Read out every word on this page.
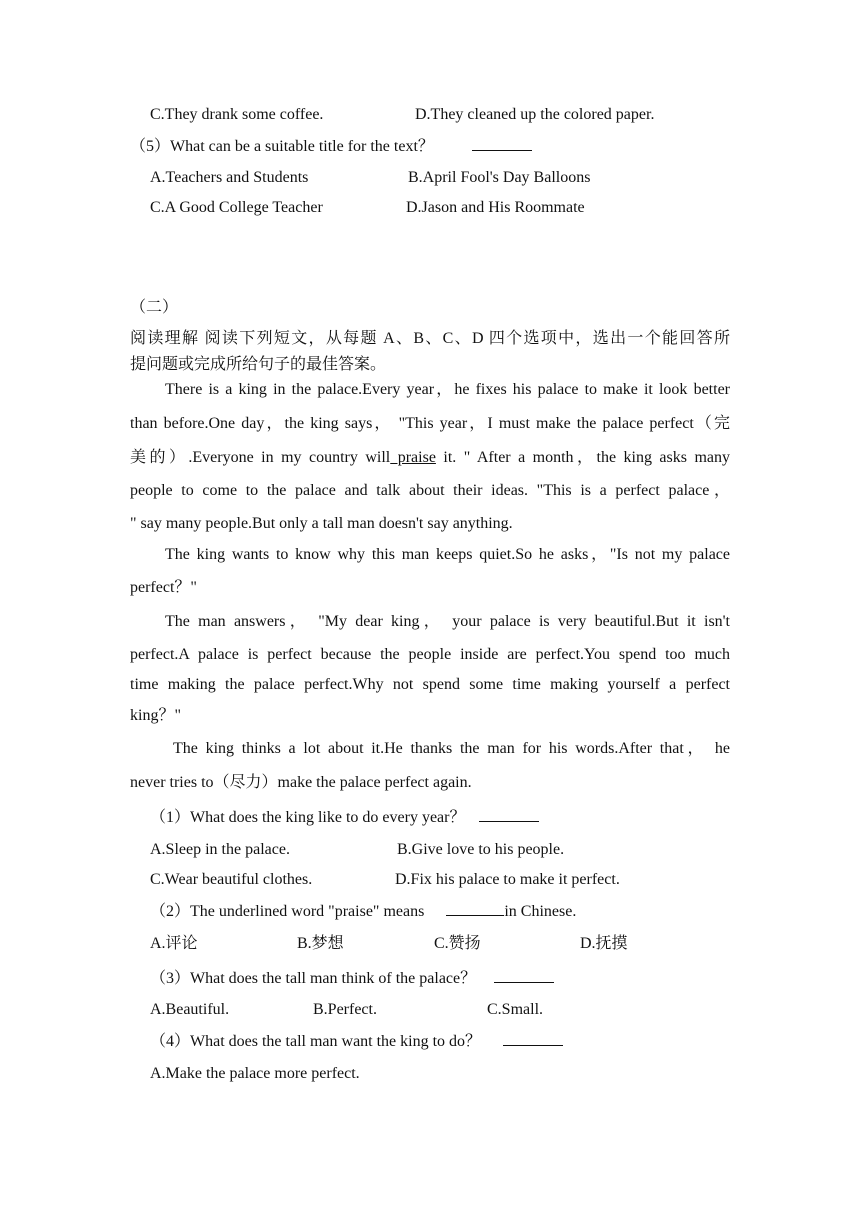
C.They drank some coffee.	D.They cleaned up the colored paper.
（5）What can be a suitable title for the text？
A.Teachers and Students	B.April Fool's Day Balloons
C.A Good College Teacher	D.Jason and His Roommate
（二）
阅读理解 阅读下列短文，从每题 A、B、C、D 四个选项中，选出一个能回答所
提问题或完成所给句子的最佳答案。
There is a king in the palace.Every year，he fixes his palace to make it look better
than before.One day，the king says， "This year，I must make the palace perfect（完
美的）.Everyone in my country will praise it. " After a month，the king asks many
people to come to the palace and talk about their ideas. "This is a perfect palace，
" say many people.But only a tall man doesn't say anything.
The king wants to know why this man keeps quiet.So he asks，"Is not my palace
perfect？"
The man answers， "My dear king， your palace is very beautiful.But it isn't
perfect.A palace is perfect because the people inside are perfect.You spend too much
time making the palace perfect.Why not spend some time making yourself a perfect
king？"
The king thinks a lot about it.He thanks the man for his words.After that， he
never tries to（尽力）make the palace perfect again.
（1）What does the king like to do every year？
A.Sleep in the palace.	B.Give love to his people.
C.Wear beautiful clothes.	D.Fix his palace to make it perfect.
（2）The underlined word "praise" means	in Chinese.
A.评论	B.梦想	C.赞扬	D.抚摸
（3）What does the tall man think of the palace？
A.Beautiful.	B.Perfect.	C.Small.
（4）What does the tall man want the king to do？
A.Make the palace more perfect.
